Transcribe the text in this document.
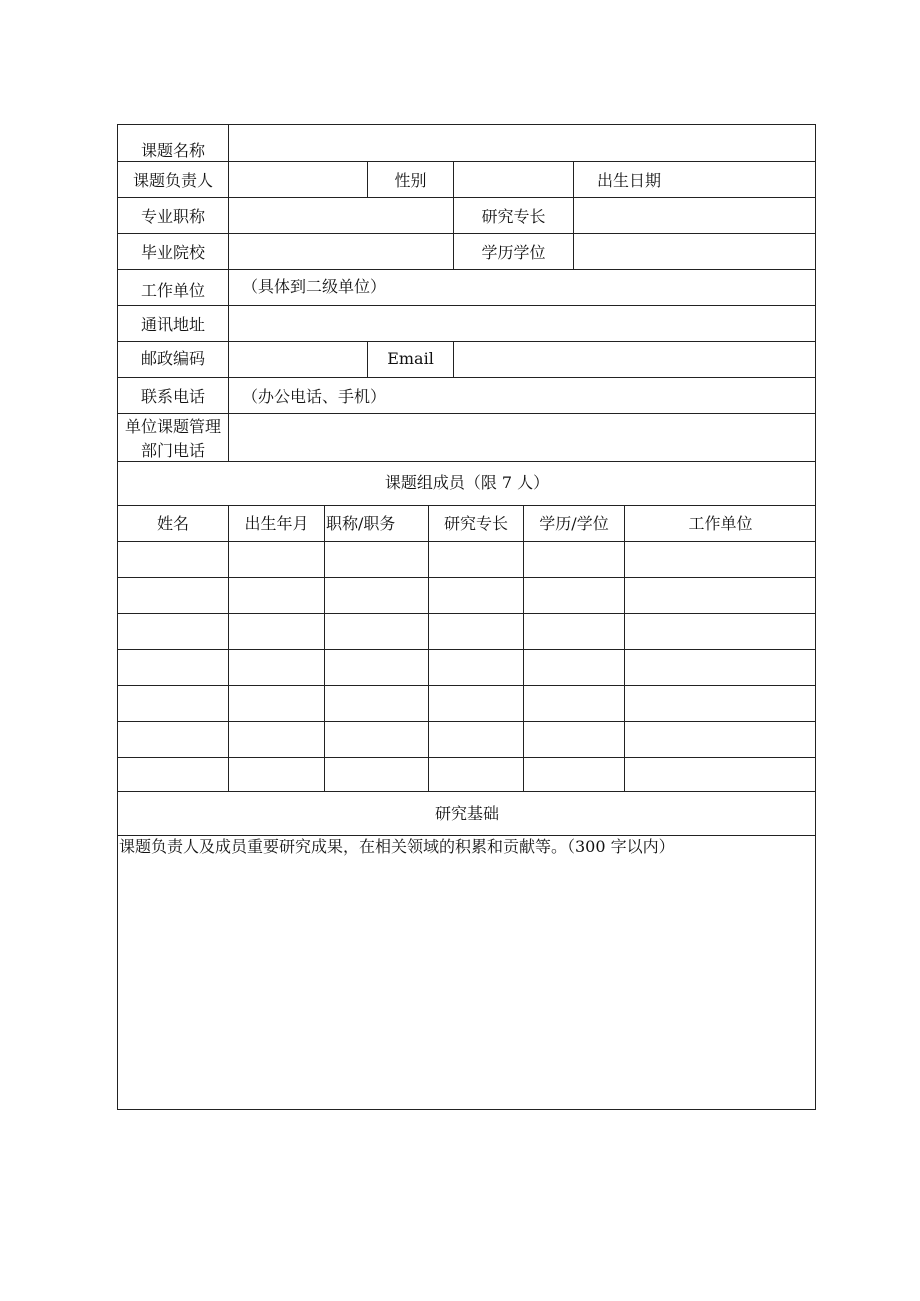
课题名称
课题负责人	性别	出生日期
专业职称	研究专长
毕业院校	学历学位
工作单位	（具体到二级单位）
通讯地址
邮政编码	Email
联系电话	（办公电话、手机）
单位课题管理
部门电话
课题组成员（限 7 人）
姓名	出生年月	职称/职务	研究专长	学历/学位	工作单位
研究基础
课题负责人及成员重要研究成果，在相关领域的积累和贡献等。（300 字以内）
